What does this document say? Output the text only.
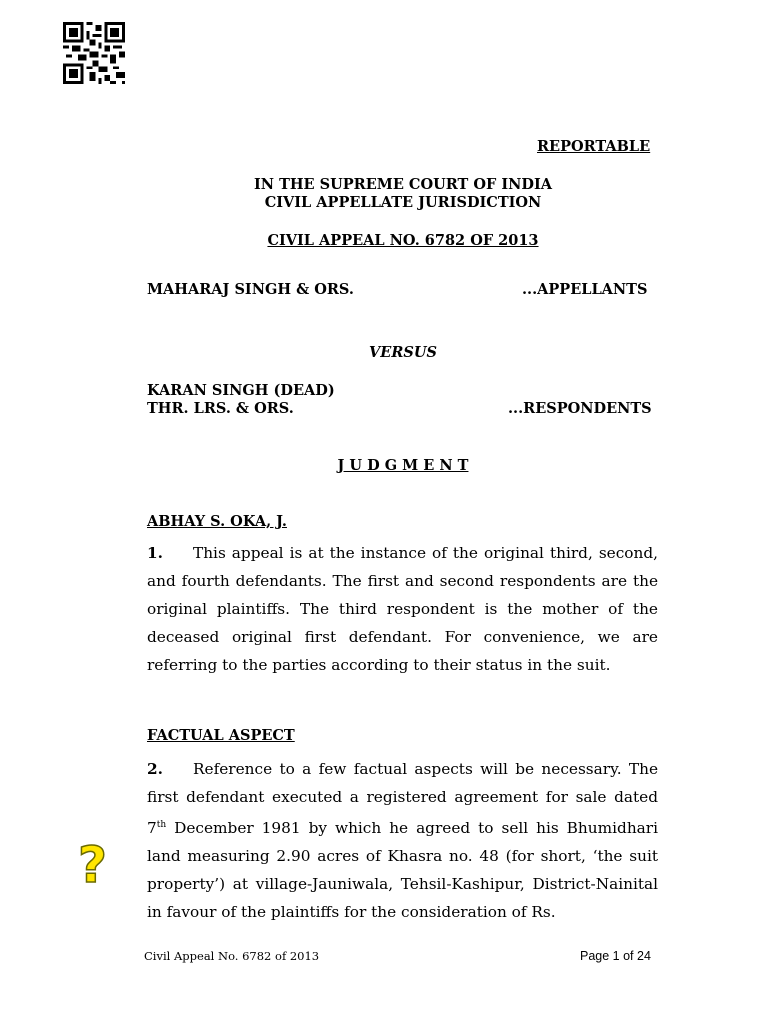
REPORTABLE
IN THE SUPREME COURT OF INDIA
CIVIL APPELLATE JURISDICTION
CIVIL APPEAL NO. 6782 OF 2013
MAHARAJ SINGH & ORS.	...APPELLANTS
VERSUS
KARAN SINGH (DEAD)
THR. LRS. & ORS.	...RESPONDENTS
J U D G M E N T
ABHAY S. OKA, J.
1. This appeal is at the instance of the original third, second, and fourth defendants. The first and second respondents are the original plaintiffs. The third respondent is the mother of the deceased original first defendant. For convenience, we are referring to the parties according to their status in the suit.
FACTUAL ASPECT
2. Reference to a few factual aspects will be necessary. The first defendant executed a registered agreement for sale dated 7th December 1981 by which he agreed to sell his Bhumidhari land measuring 2.90 acres of Khasra no. 48 (for short, ‘the suit property’) at village-Jauniwala, Tehsil-Kashipur, District-Nainital in favour of the plaintiffs for the consideration of Rs.
?
Civil Appeal No. 6782 of 2013	Page 1 of 24
